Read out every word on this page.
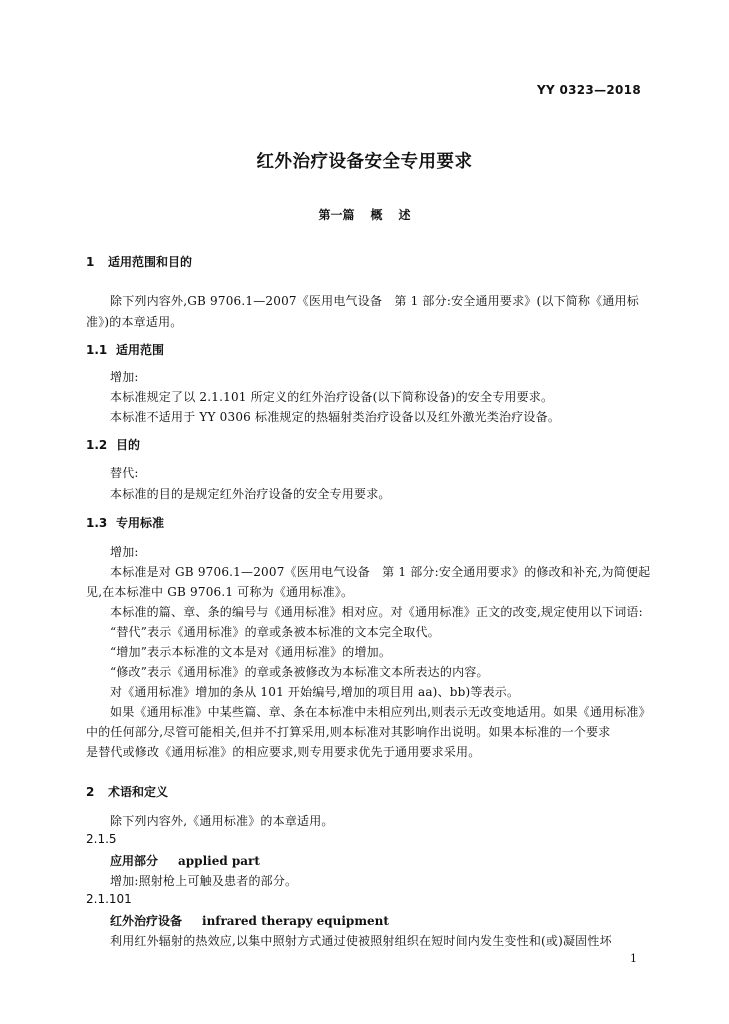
YY 0323—2018
红外治疗设备安全专用要求
第一篇 概 述
1 适用范围和目的
除下列内容外,GB 9706.1—2007《医用电气设备　第 1 部分:安全通用要求》(以下简称《通用标
准》)的本章适用。
1.1 适用范围
增加:
本标准规定了以 2.1.101 所定义的红外治疗设备(以下简称设备)的安全专用要求。
本标准不适用于 YY 0306 标准规定的热辐射类治疗设备以及红外激光类治疗设备。
1.2 目的
替代:
本标准的目的是规定红外治疗设备的安全专用要求。
1.3 专用标准
增加:
本标准是对 GB 9706.1—2007《医用电气设备　第 1 部分:安全通用要求》的修改和补充,为简便起
见,在本标准中 GB 9706.1 可称为《通用标准》。
本标准的篇、章、条的编号与《通用标准》相对应。对《通用标准》正文的改变,规定使用以下词语:
“替代”表示《通用标准》的章或条被本标准的文本完全取代。
“增加”表示本标准的文本是对《通用标准》的增加。
“修改”表示《通用标准》的章或条被修改为本标准文本所表达的内容。
对《通用标准》增加的条从 101 开始编号,增加的项目用 aa)、bb)等表示。
如果《通用标准》中某些篇、章、条在本标准中未相应列出,则表示无改变地适用。如果《通用标准》
中的任何部分,尽管可能相关,但并不打算采用,则本标准对其影响作出说明。如果本标准的一个要求
是替代或修改《通用标准》的相应要求,则专用要求优先于通用要求采用。
2 术语和定义
除下列内容外,《通用标准》的本章适用。
2.1.5
应用部分 applied part
增加:照射枪上可触及患者的部分。
2.1.101
红外治疗设备 infrared therapy equipment
利用红外辐射的热效应,以集中照射方式通过使被照射组织在短时间内发生变性和(或)凝固性坏
1
